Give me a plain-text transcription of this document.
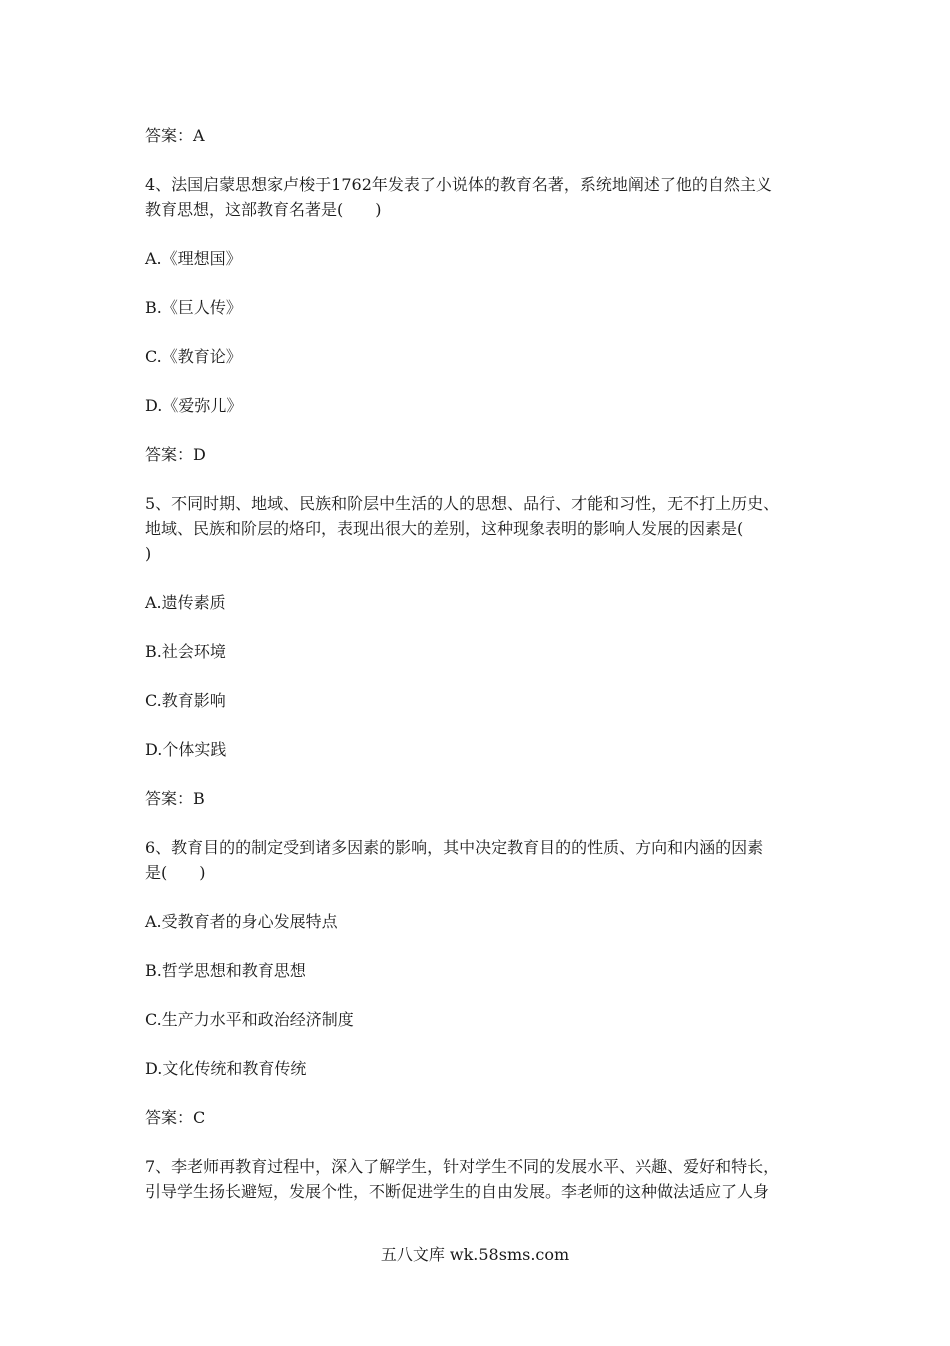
答案：A
4、法国启蒙思想家卢梭于1762年发表了小说体的教育名著，系统地阐述了他的自然主义
教育思想，这部教育名著是(　　)
A.《理想国》
B.《巨人传》
C.《教育论》
D.《爱弥儿》
答案：D
5、不同时期、地域、民族和阶层中生活的人的思想、品行、才能和习性，无不打上历史、
地域、民族和阶层的烙印，表现出很大的差别，这种现象表明的影响人发展的因素是(
)
A.遗传素质
B.社会环境
C.教育影响
D.个体实践
答案：B
6、教育目的的制定受到诸多因素的影响，其中决定教育目的的性质、方向和内涵的因素
是(　　)
A.受教育者的身心发展特点
B.哲学思想和教育思想
C.生产力水平和政治经济制度
D.文化传统和教育传统
答案：C
7、李老师再教育过程中，深入了解学生，针对学生不同的发展水平、兴趣、爱好和特长，
引导学生扬长避短，发展个性，不断促进学生的自由发展。李老师的这种做法适应了人身
五八文库 wk.58sms.com
